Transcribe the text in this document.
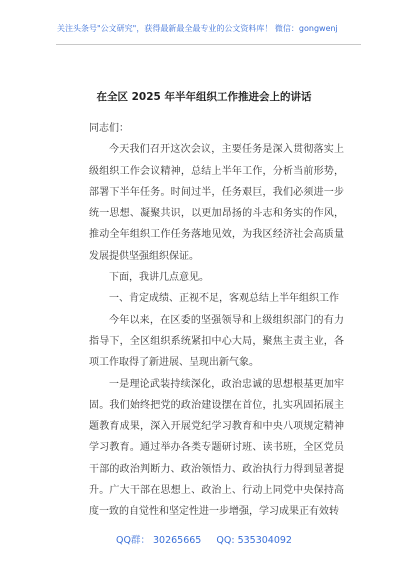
关注头条号"公文研究"，获得最新最全最专业的公文资料库！ 微信：gongwenj
在全区 2025 年半年组织工作推进会上的讲话

同志们：

今天我们召开这次会议，主要任务是深入贯彻落实上级组织工作会议精神，总结上半年工作，分析当前形势，部署下半年任务。时间过半，任务艰巨，我们必须进一步统一思想、凝聚共识，以更加昂扬的斗志和务实的作风，推动全年组织工作任务落地见效，为我区经济社会高质量发展提供坚强组织保证。

下面，我讲几点意见。

一、肯定成绩、正视不足，客观总结上半年组织工作

今年以来，在区委的坚强领导和上级组织部门的有力指导下，全区组织系统紧扣中心大局，聚焦主责主业，各项工作取得了新进展、呈现出新气象。

一是理论武装持续深化，政治忠诚的思想根基更加牢固。我们始终把党的政治建设摆在首位，扎实巩固拓展主题教育成果，深入开展党纪学习教育和中央八项规定精神学习教育。通过举办各类专题研讨班、读书班，全区党员干部的政治判断力、政治领悟力、政治执行力得到显著提升。广大干部在思想上、政治上、行动上同党中央保持高度一致的自觉性和坚定性进一步增强，学习成果正有效转

QQ群： 30265665 QQ: 535304092
